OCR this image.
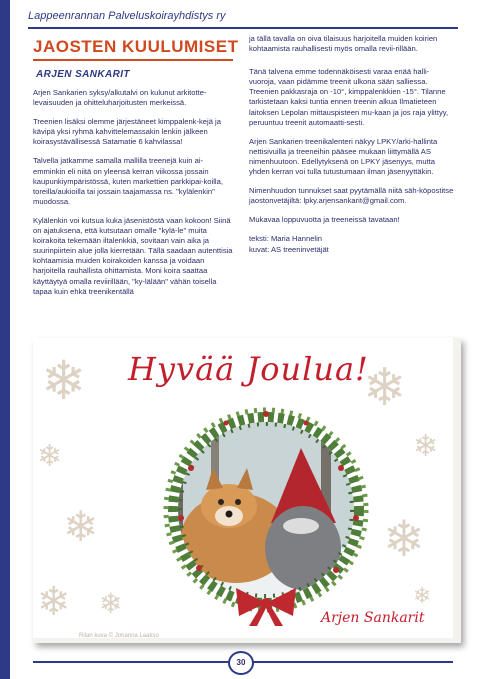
Lappeenrannan Palveluskoirayhdistys ry
JAOSTEN KUULUMISET
ARJEN SANKARIT

Arjen Sankarien syksy/alkutalvi on kulunut arkitotte-levaisuuden ja ohitteluharjoitusten merkeissä.

Treenien lisäksi olemme järjestäneet kimppalenk-kejä ja kävipä yksi ryhmä kahvittelemassakin lenkin jälkeen koirasystävällisessä Satamatie 6 kahvilassa!

Talvella jatkamme samalla mallilla treenejä kuin ai-emminkin eli niitä on yleensä kerran viikossa jossain kaupunkiympäristössä, kuten markettien parkkipai-koilla, toreilla/aukioilla tai jossain taajamassa ns. "kylälenkin" muodossa.

Kylälenkin voi kutsua kuka jäsenistöstä vaan kokoon! Siinä on ajatuksena, että kutsutaan omalle "kylä-le" muita koirakoita tekemään iltalenkkiä, sovitaan vain aika ja suurinpiirtein alue jolla kierretään. Tällä saadaan autenttisia kohtaamisia muiden koirakoiden kanssa ja voidaan harjoitella rauhallista ohittamista. Moni koira saattaa käyttäytyä omalla reviirillään, "ky-lälään" vähän toisella tapaa kuin ehkä treenikentällä

ja tällä tavalla on oiva tilaisuus harjoitella muiden koirien kohtaamista rauhallisesti myös omalla revii-rillään.

Tänä talvena emme todennäköisesti varaa enää halli-vuoroja, vaan pidämme treenit ulkona sään salliessa. Treenien pakkasraja on -10°, kimppalenkkien -15°. Tilanne tarkistetaan kaksi tuntia ennen treenin alkua Ilmatieteen laitoksen Lepolan mittauspisteen mu-kaan ja jos raja ylittyy, peruuntuu treenit automaatti-sesti.

Arjen Sankarien treenikalenteri näkyy LPKY/arki-hallinta nettisivuilla ja treeneihin pääsee mukaan liittymällä AS nimenhuutoon. Edellytyksenä on LPKY jäsenyys, mutta yhden kerran voi tulla tutustumaan ilman jäsenyyttäkin.

Nimenhuudon tunnukset saat pyytämällä niitä säh-köpostitse jaostonvetäjiltä: lpky.arjensankarit@gmail.com.

Mukavaa loppuvuotta ja treeneissä tavataan!

teksti: Maria Hannelin
kuvat: AS treeninvetäjät
❄
❄
❄
❄ ❄
❄
❄
❄
❄
Hyvää Joulua!
Arjen Sankarit
Rilan kuva © Johanna Laakso
30
